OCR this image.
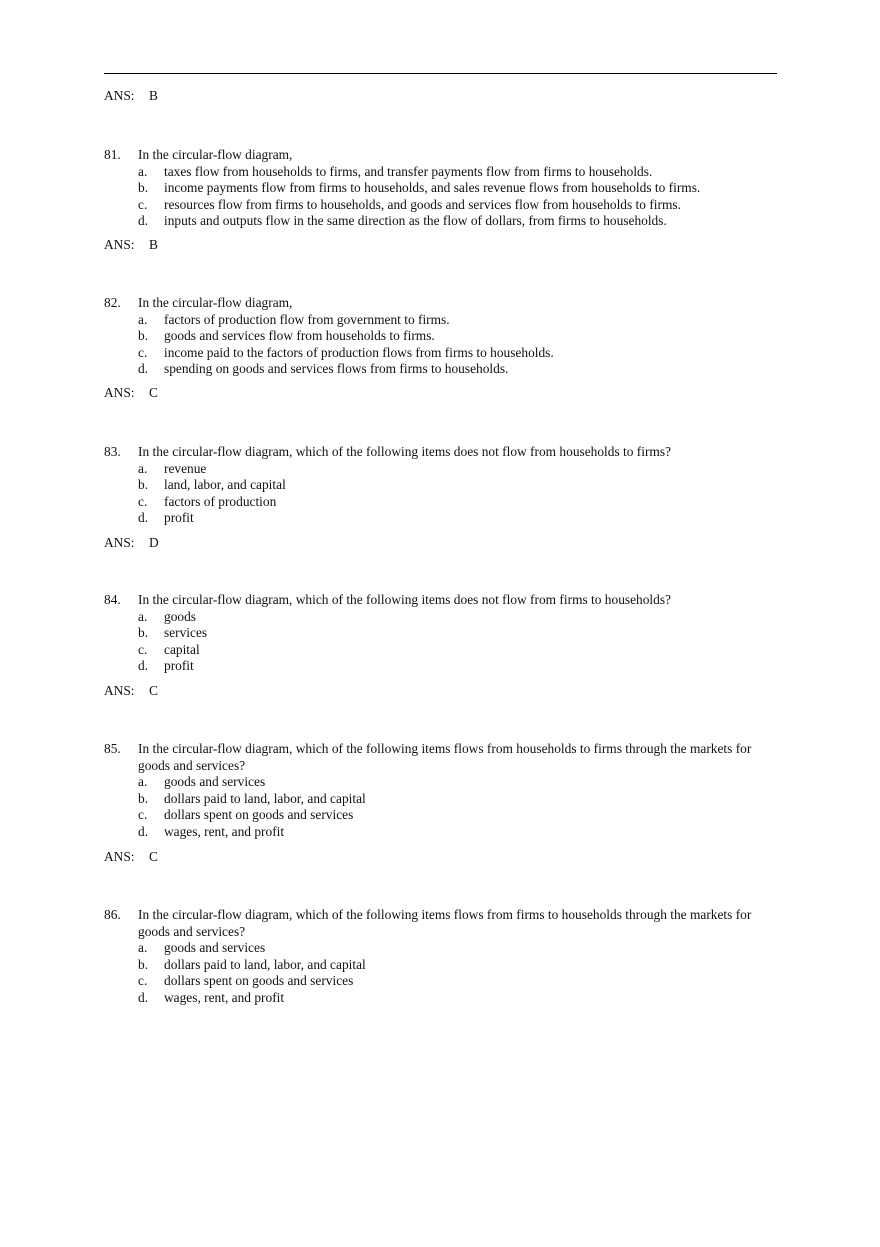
ANS: B
81.	In the circular-flow diagram,
a. taxes flow from households to firms, and transfer payments flow from firms to households.
b. income payments flow from firms to households, and sales revenue flows from households to firms.
c. resources flow from firms to households, and goods and services flow from households to firms.
d. inputs and outputs flow in the same direction as the flow of dollars, from firms to households.
ANS: B
82.	In the circular-flow diagram,
a. factors of production flow from government to firms.
b. goods and services flow from households to firms.
c. income paid to the factors of production flows from firms to households.
d. spending on goods and services flows from firms to households.
ANS: C
83.	In the circular-flow diagram, which of the following items does not flow from households to firms?
a. revenue
b. land, labor, and capital
c. factors of production
d. profit
ANS: D
84.	In the circular-flow diagram, which of the following items does not flow from firms to households?
a. goods
b. services
c. capital
d. profit
ANS: C
85.	In the circular-flow diagram, which of the following items flows from households to firms through the markets for goods and services?
a. goods and services
b. dollars paid to land, labor, and capital
c. dollars spent on goods and services
d. wages, rent, and profit
ANS: C
86.	In the circular-flow diagram, which of the following items flows from firms to households through the markets for goods and services?
a. goods and services
b. dollars paid to land, labor, and capital
c. dollars spent on goods and services
d. wages, rent, and profit
